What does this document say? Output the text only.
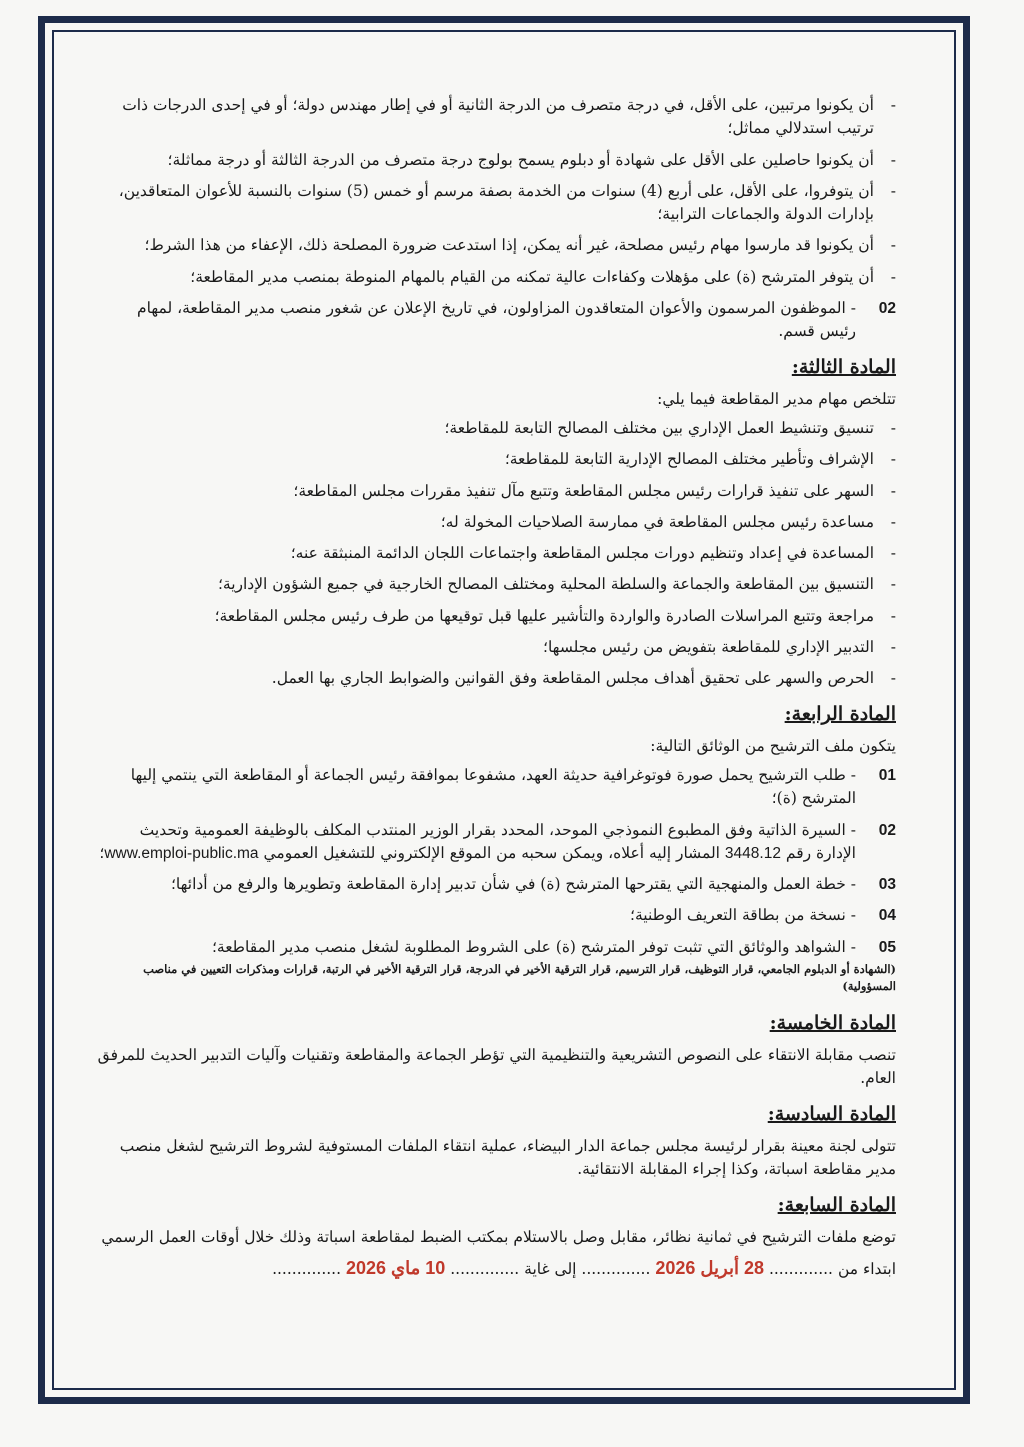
-
أن يكونوا مرتبين، على الأقل، في درجة متصرف من الدرجة الثانية أو في إطار مهندس دولة؛ أو في إحدى الدرجات ذات ترتيب استدلالي مماثل؛
-
أن يكونوا حاصلين على الأقل على شهادة أو دبلوم يسمح بولوج درجة متصرف من الدرجة الثالثة أو درجة مماثلة؛
-
أن يتوفروا، على الأقل، على أربع (4) سنوات من الخدمة بصفة مرسم أو خمس (5) سنوات بالنسبة للأعوان المتعاقدين، بإدارات الدولة والجماعات الترابية؛
-
أن يكونوا قد مارسوا مهام رئيس مصلحة، غير أنه يمكن، إذا استدعت ضرورة المصلحة ذلك، الإعفاء من هذا الشرط؛
-
أن يتوفر المترشح (ة) على مؤهلات وكفاءات عالية تمكنه من القيام بالمهام المنوطة بمنصب مدير المقاطعة؛
02
- الموظفون المرسمون والأعوان المتعاقدون المزاولون، في تاريخ الإعلان عن شغور منصب مدير المقاطعة، لمهام رئيس قسم.
المادة الثالثة:
تتلخص مهام مدير المقاطعة فيما يلي:
-
تنسيق وتنشيط العمل الإداري بين مختلف المصالح التابعة للمقاطعة؛
-
الإشراف وتأطير مختلف المصالح الإدارية التابعة للمقاطعة؛
-
السهر على تنفيذ قرارات رئيس مجلس المقاطعة وتتبع مآل تنفيذ مقررات مجلس المقاطعة؛
-
مساعدة رئيس مجلس المقاطعة في ممارسة الصلاحيات المخولة له؛
-
المساعدة في إعداد وتنظيم دورات مجلس المقاطعة واجتماعات اللجان الدائمة المنبثقة عنه؛
-
التنسيق بين المقاطعة والجماعة والسلطة المحلية ومختلف المصالح الخارجية في جميع الشؤون الإدارية؛
-
مراجعة وتتبع المراسلات الصادرة والواردة والتأشير عليها قبل توقيعها من طرف رئيس مجلس المقاطعة؛
-
التدبير الإداري للمقاطعة بتفويض من رئيس مجلسها؛
-
الحرص والسهر على تحقيق أهداف مجلس المقاطعة وفق القوانين والضوابط الجاري بها العمل.
المادة الرابعة:
يتكون ملف الترشيح من الوثائق التالية:
01
- طلب الترشيح يحمل صورة فوتوغرافية حديثة العهد، مشفوعا بموافقة رئيس الجماعة أو المقاطعة التي ينتمي إليها المترشح (ة)؛
02
- السيرة الذاتية وفق المطبوع النموذجي الموحد، المحدد بقرار الوزير المنتدب المكلف بالوظيفة العمومية وتحديث الإدارة رقم 3448.12 المشار إليه أعلاه، ويمكن سحبه من الموقع الإلكتروني للتشغيل العمومي www.emploi-public.ma؛
03
- خطة العمل والمنهجية التي يقترحها المترشح (ة) في شأن تدبير إدارة المقاطعة وتطويرها والرفع من أدائها؛
04
- نسخة من بطاقة التعريف الوطنية؛
05
- الشواهد والوثائق التي تثبت توفر المترشح (ة) على الشروط المطلوبة لشغل منصب مدير المقاطعة؛
(الشهادة أو الدبلوم الجامعي، قرار التوظيف، قرار الترسيم، قرار الترقية الأخير في الدرجة، قرار الترقية الأخير في الرتبة، قرارات ومذكرات التعيين في مناصب المسؤولية)
المادة الخامسة:
تنصب مقابلة الانتقاء على النصوص التشريعية والتنظيمية التي تؤطر الجماعة والمقاطعة وتقنيات وآليات التدبير الحديث للمرفق العام.
المادة السادسة:
تتولى لجنة معينة بقرار لرئيسة مجلس جماعة الدار البيضاء، عملية انتقاء الملفات المستوفية لشروط الترشيح لشغل منصب مدير مقاطعة اسباتة، وكذا إجراء المقابلة الانتقائية.
المادة السابعة:
توضع ملفات الترشيح في ثمانية نظائر، مقابل وصل بالاستلام بمكتب الضبط لمقاطعة اسباتة وذلك خلال أوقات العمل الرسمي
ابتداء من ............. 28 أبريل 2026 .............. إلى غاية .............. 10 ماي 2026 ..............
